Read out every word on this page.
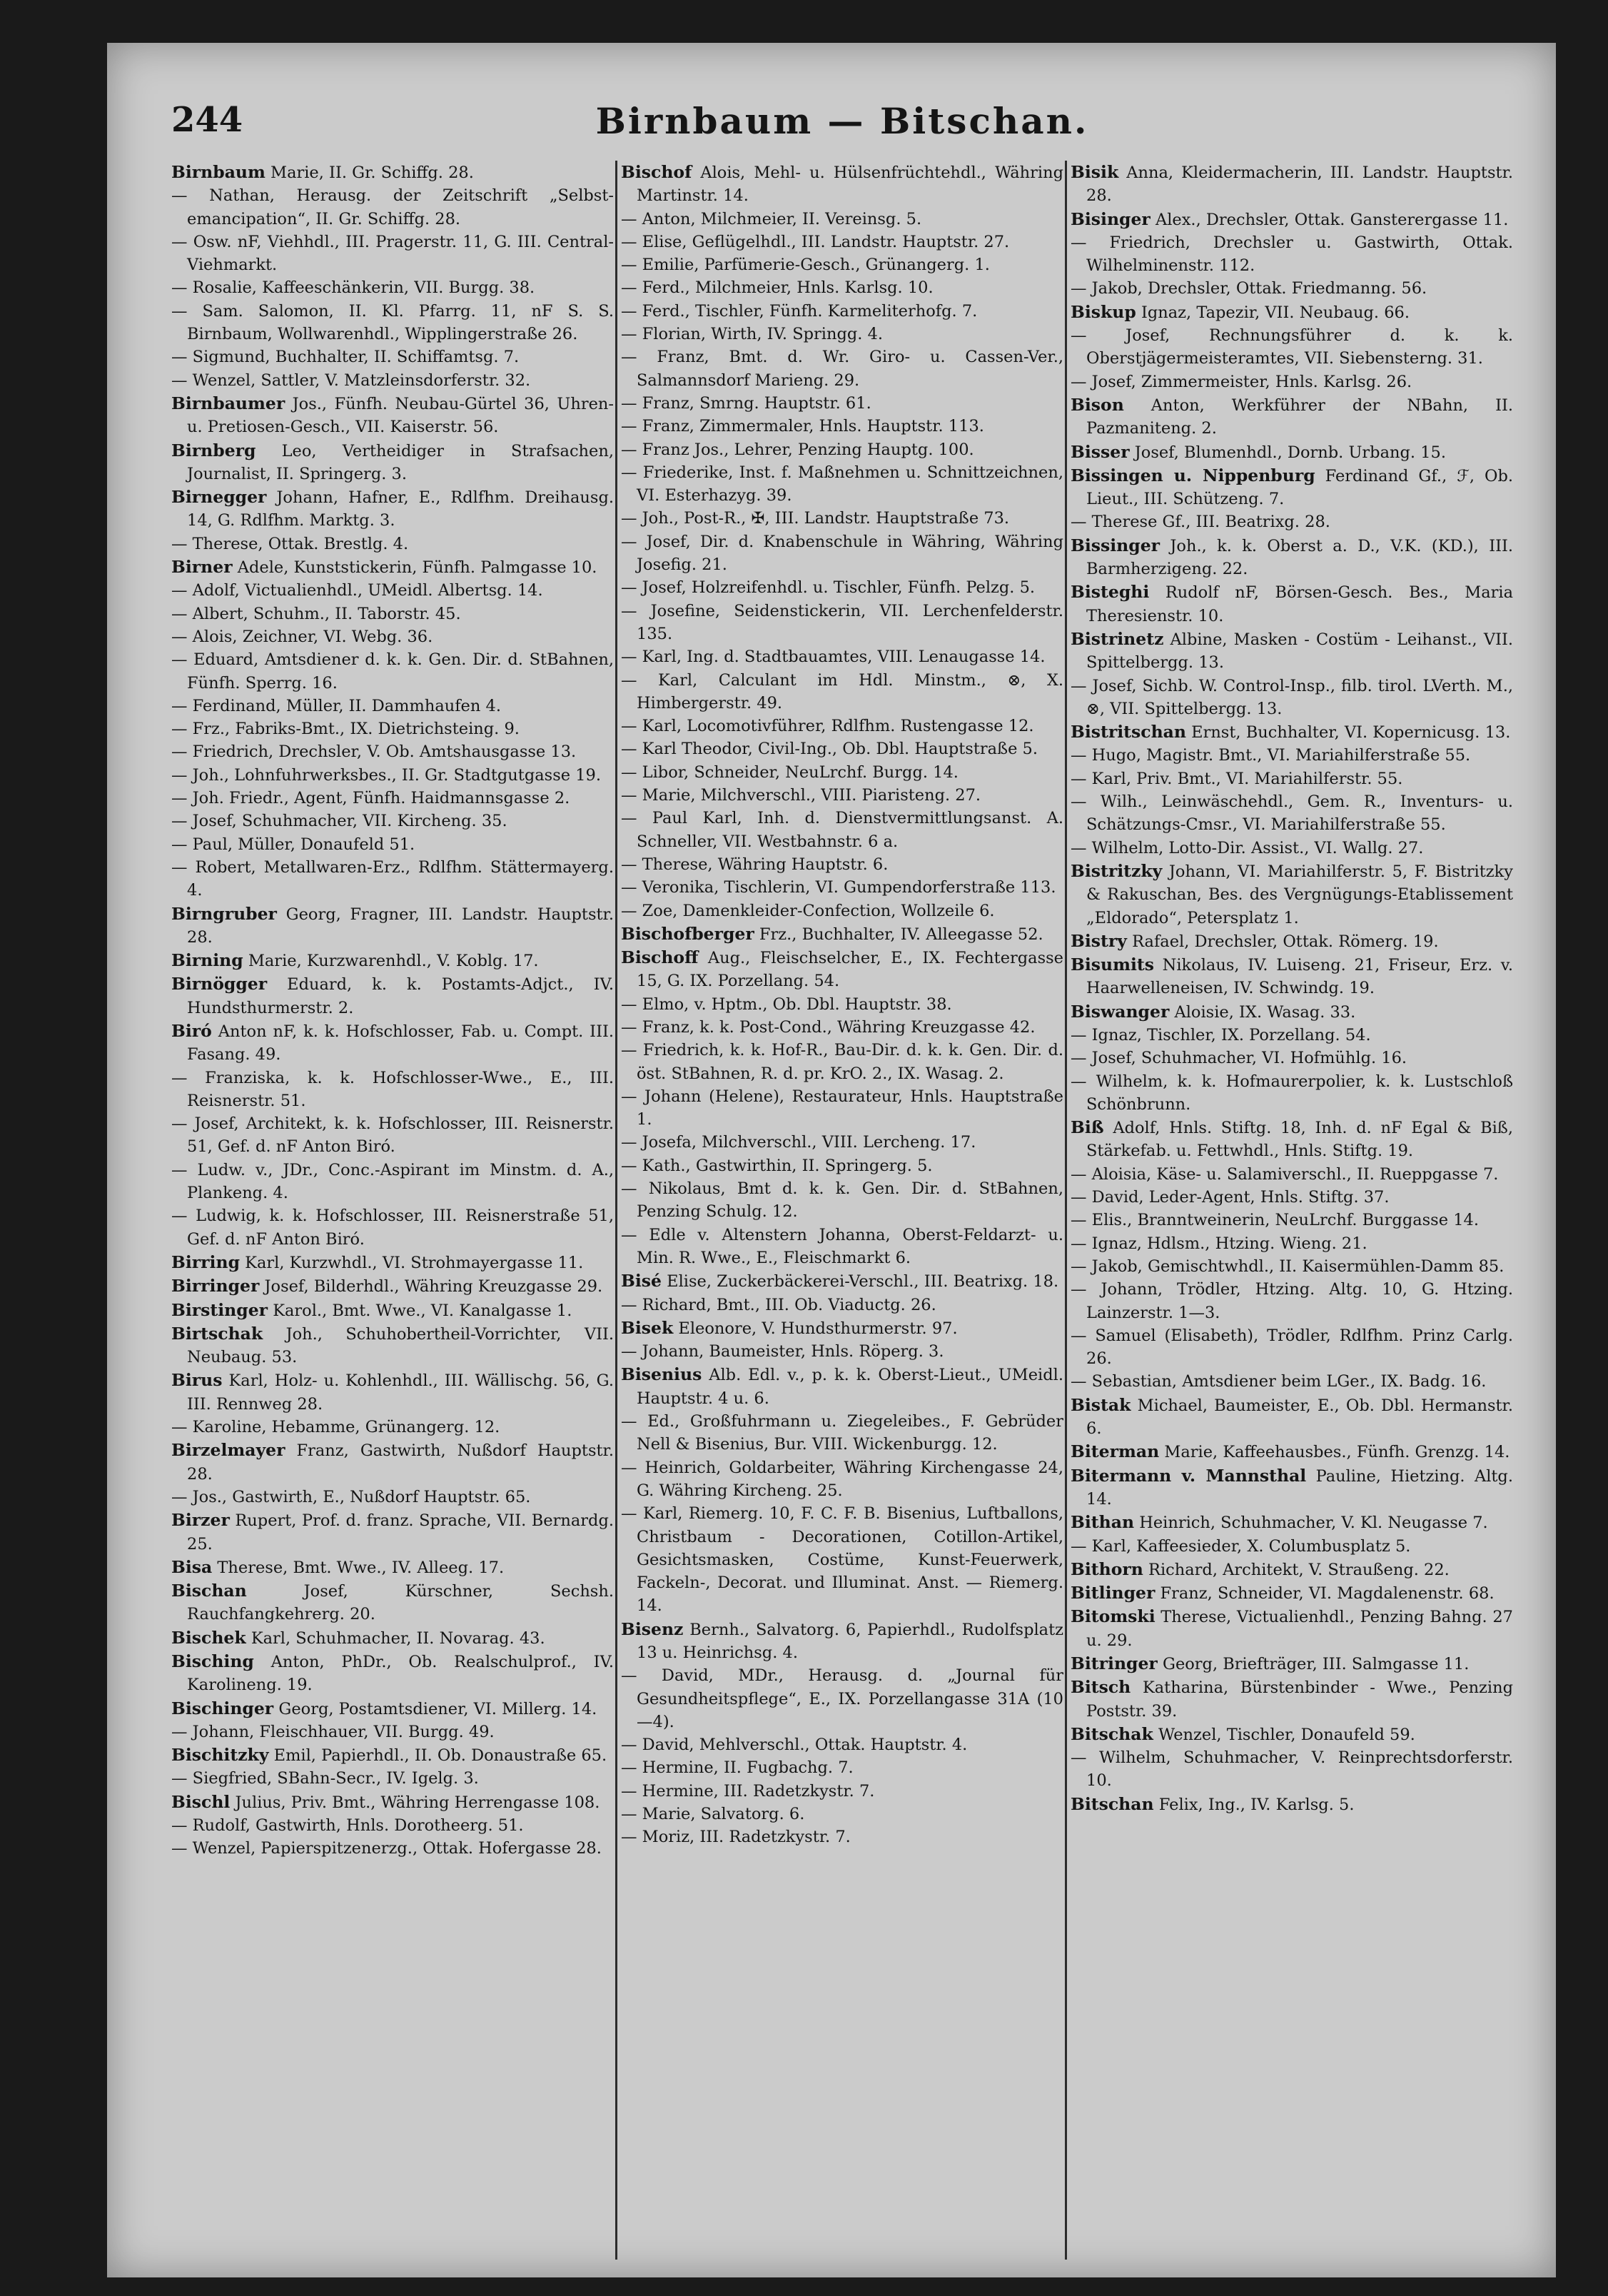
244	Birnbaum — Bitschan.
Birnbaum Marie, II. Gr. Schiffg. 28.
— Nathan, Herausg. der Zeitschrift „Selbst-emancipation“, II. Gr. Schiffg. 28.
— Osw. nF, Viehhdl., III. Pragerstr. 11, G. III. Central-Viehmarkt.
— Rosalie, Kaffeeschänkerin, VII. Burgg. 38.
— Sam. Salomon, II. Kl. Pfarrg. 11, nF S. S. Birnbaum, Wollwarenhdl., Wipplingerstraße 26.
— Sigmund, Buchhalter, II. Schiffamtsg. 7.
— Wenzel, Sattler, V. Matzleinsdorferstr. 32.
Birnbaumer Jos., Fünfh. Neubau-Gürtel 36, Uhren- u. Pretiosen-Gesch., VII. Kaiserstr. 56.
Birnberg Leo, Vertheidiger in Strafsachen, Journalist, II. Springerg. 3.
Birnegger Johann, Hafner, E., Rdlfhm. Dreihausg. 14, G. Rdlfhm. Marktg. 3.
— Therese, Ottak. Brestlg. 4.
Birner Adele, Kunststickerin, Fünfh. Palmgasse 10.
— Adolf, Victualienhdl., UMeidl. Albertsg. 14.
— Albert, Schuhm., II. Taborstr. 45.
— Alois, Zeichner, VI. Webg. 36.
— Eduard, Amtsdiener d. k. k. Gen. Dir. d. StBahnen, Fünfh. Sperrg. 16.
— Ferdinand, Müller, II. Dammhaufen 4.
— Frz., Fabriks-Bmt., IX. Dietrichsteing. 9.
— Friedrich, Drechsler, V. Ob. Amtshausgasse 13.
— Joh., Lohnfuhrwerksbes., II. Gr. Stadtgutgasse 19.
— Joh. Friedr., Agent, Fünfh. Haidmannsgasse 2.
— Josef, Schuhmacher, VII. Kircheng. 35.
— Paul, Müller, Donaufeld 51.
— Robert, Metallwaren-Erz., Rdlfhm. Stättermayerg. 4.
Birngruber Georg, Fragner, III. Landstr. Hauptstr. 28.
Birning Marie, Kurzwarenhdl., V. Koblg. 17.
Birnögger Eduard, k. k. Postamts-Adjct., IV. Hundsthurmerstr. 2.
Biró Anton nF, k. k. Hofschlosser, Fab. u. Compt. III. Fasang. 49.
— Franziska, k. k. Hofschlosser-Wwe., E., III. Reisnerstr. 51.
— Josef, Architekt, k. k. Hofschlosser, III. Reisnerstr. 51, Gef. d. nF Anton Biró.
— Ludw. v., JDr., Conc.-Aspirant im Minstm. d. A., Plankeng. 4.
— Ludwig, k. k. Hofschlosser, III. Reisnerstraße 51, Gef. d. nF Anton Biró.
Birring Karl, Kurzwhdl., VI. Strohmayergasse 11.
Birringer Josef, Bilderhdl., Währing Kreuzgasse 29.
Birstinger Karol., Bmt. Wwe., VI. Kanalgasse 1.
Birtschak Joh., Schuhobertheil-Vorrichter, VII. Neubaug. 53.
Birus Karl, Holz- u. Kohlenhdl., III. Wällischg. 56, G. III. Rennweg 28.
— Karoline, Hebamme, Grünangerg. 12.
Birzelmayer Franz, Gastwirth, Nußdorf Hauptstr. 28.
— Jos., Gastwirth, E., Nußdorf Hauptstr. 65.
Birzer Rupert, Prof. d. franz. Sprache, VII. Bernardg. 25.
Bisa Therese, Bmt. Wwe., IV. Alleeg. 17.
Bischan	Josef, Kürschner, Sechsh. Rauchfangkehrerg. 20.
Bischek Karl, Schuhmacher, II. Novarag. 43.
Bisching Anton, PhDr., Ob. Realschulprof., IV. Karolineng. 19.
Bischinger Georg, Postamtsdiener, VI. Millerg. 14.
— Johann, Fleischhauer, VII. Burgg. 49.
Bischitzky Emil, Papierhdl., II. Ob. Donaustraße 65.
— Siegfried, SBahn-Secr., IV. Igelg. 3.
Bischl Julius, Priv. Bmt., Währing Herrengasse 108.
— Rudolf, Gastwirth, Hnls. Dorotheerg. 51.
— Wenzel, Papierspitzenerzg., Ottak. Hofergasse 28.
Bischof Alois, Mehl- u. Hülsenfrüchtehdl., Währing Martinstr. 14.
— Anton, Milchmeier, II. Vereinsg. 5.
— Elise, Geflügelhdl., III. Landstr. Hauptstr. 27.
— Emilie, Parfümerie-Gesch., Grünangerg. 1.
— Ferd., Milchmeier, Hnls. Karlsg. 10.
— Ferd., Tischler, Fünfh. Karmeliterhofg. 7.
— Florian, Wirth, IV. Springg. 4.
— Franz, Bmt. d. Wr. Giro- u. Cassen-Ver., Salmannsdorf Marieng. 29.
— Franz, Smrng. Hauptstr. 61.
— Franz, Zimmermaler, Hnls. Hauptstr. 113.
— Franz Jos., Lehrer, Penzing Hauptg. 100.
— Friederike, Inst. f. Maßnehmen u. Schnittzeichnen, VI. Esterhazyg. 39.
— Joh., Post-R., ✠, III. Landstr. Hauptstraße 73.
— Josef, Dir. d. Knabenschule in Währing, Währing Josefig. 21.
— Josef, Holzreifenhdl. u. Tischler, Fünfh. Pelzg. 5.
— Josefine, Seidenstickerin, VII. Lerchenfelderstr. 135.
— Karl, Ing. d. Stadtbauamtes, VIII. Lenaugasse 14.
— Karl, Calculant im Hdl. Minstm., ⊗, X. Himbergerstr. 49.
— Karl, Locomotivführer, Rdlfhm. Rustengasse 12.
— Karl Theodor, Civil-Ing., Ob. Dbl. Hauptstraße 5.
— Libor, Schneider, NeuLrchf. Burgg. 14.
— Marie, Milchverschl., VIII. Piaristeng. 27.
— Paul Karl, Inh. d. Dienstvermittlungsanst. A. Schneller, VII. Westbahnstr. 6 a.
— Therese, Währing Hauptstr. 6.
— Veronika, Tischlerin, VI. Gumpendorferstraße 113.
— Zoe, Damenkleider-Confection, Wollzeile 6.
Bischofberger Frz., Buchhalter, IV. Alleegasse 52.
Bischoff Aug., Fleischselcher, E., IX. Fechtergasse 15, G. IX. Porzellang. 54.
— Elmo, v. Hptm., Ob. Dbl. Hauptstr. 38.
— Franz, k. k. Post-Cond., Währing Kreuzgasse 42.
— Friedrich, k. k. Hof-R., Bau-Dir. d. k. k. Gen. Dir. d. öst. StBahnen, R. d. pr. KrO. 2., IX. Wasag. 2.
— Johann (Helene), Restaurateur, Hnls. Hauptstraße 1.
— Josefa, Milchverschl., VIII. Lercheng. 17.
— Kath., Gastwirthin, II. Springerg. 5.
— Nikolaus, Bmt d. k. k. Gen. Dir. d. StBahnen, Penzing Schulg. 12.
— Edle v. Altenstern Johanna, Oberst-Feldarzt- u. Min. R. Wwe., E., Fleischmarkt 6.
Bisé Elise, Zuckerbäckerei-Verschl., III. Beatrixg. 18.
— Richard, Bmt., III. Ob. Viaductg. 26.
Bisek Eleonore, V. Hundsthurmerstr. 97.
— Johann, Baumeister, Hnls. Röperg. 3.
Bisenius Alb. Edl. v., p. k. k. Oberst-Lieut., UMeidl. Hauptstr. 4 u. 6.
— Ed., Großfuhrmann u. Ziegeleibes., F. Gebrüder Nell & Bisenius, Bur. VIII. Wickenburgg. 12.
— Heinrich, Goldarbeiter, Währing Kirchengasse 24, G. Währing Kircheng. 25.
— Karl, Riemerg. 10, F. C. F. B. Bisenius, Luftballons, Christbaum - Decorationen, Cotillon-Artikel, Gesichtsmasken, Costüme, Kunst-Feuerwerk, Fackeln-, Decorat. und Illuminat. Anst. — Riemerg. 14.
Bisenz Bernh., Salvatorg. 6, Papierhdl., Rudolfsplatz 13 u. Heinrichsg. 4.
— David, MDr., Herausg. d. „Journal für Gesundheitspflege“, E., IX. Porzellangasse 31A (10—4).
— David, Mehlverschl., Ottak. Hauptstr. 4.
— Hermine, II. Fugbachg. 7.
— Hermine, III. Radetzkystr. 7.
— Marie, Salvatorg. 6.
— Moriz, III. Radetzkystr. 7.
Bisik Anna, Kleidermacherin, III. Landstr. Hauptstr. 28.
Bisinger Alex., Drechsler, Ottak. Gansterergasse 11.
— Friedrich, Drechsler u. Gastwirth, Ottak. Wilhelminenstr. 112.
— Jakob, Drechsler, Ottak. Friedmanng. 56.
Biskup Ignaz, Tapezir, VII. Neubaug. 66.
— Josef, Rechnungsführer d. k. k. Oberstjägermeisteramtes, VII. Siebensterng. 31.
— Josef, Zimmermeister, Hnls. Karlsg. 26.
Bison Anton, Werkführer der NBahn, II. Pazmaniteng. 2.
Bisser Josef, Blumenhdl., Dornb. Urbang. 15.
Bissingen u. Nippenburg Ferdinand Gf., ℱ, Ob. Lieut., III. Schützeng. 7.
— Therese Gf., III. Beatrixg. 28.
Bissinger Joh., k. k. Oberst a. D., V.K. (KD.), III. Barmherzigeng. 22.
Bisteghi Rudolf nF, Börsen-Gesch. Bes., Maria Theresienstr. 10.
Bistrinetz Albine, Masken - Costüm - Leihanst., VII. Spittelbergg. 13.
— Josef, Sichb. W. Control-Insp., filb. tirol. LVerth. M., ⊗, VII. Spittelbergg. 13.
Bistritschan Ernst, Buchhalter, VI. Kopernicusg. 13.
— Hugo, Magistr. Bmt., VI. Mariahilferstraße 55.
— Karl, Priv. Bmt., VI. Mariahilferstr. 55.
— Wilh., Leinwäschehdl., Gem. R., Inventurs- u. Schätzungs-Cmsr., VI. Mariahilferstraße 55.
— Wilhelm, Lotto-Dir. Assist., VI. Wallg. 27.
Bistritzky Johann, VI. Mariahilferstr. 5, F. Bistritzky & Rakuschan, Bes. des Vergnügungs-Etablissement „Eldorado“, Petersplatz 1.
Bistry Rafael, Drechsler, Ottak. Römerg. 19.
Bisumits Nikolaus, IV. Luiseng. 21, Friseur, Erz. v. Haarwelleneisen, IV. Schwindg. 19.
Biswanger Aloisie, IX. Wasag. 33.
— Ignaz, Tischler, IX. Porzellang. 54.
— Josef, Schuhmacher, VI. Hofmühlg. 16.
— Wilhelm, k. k. Hofmaurerpolier, k. k. Lustschloß Schönbrunn.
Biß Adolf, Hnls. Stiftg. 18, Inh. d. nF Egal & Biß, Stärkefab. u. Fettwhdl., Hnls. Stiftg. 19.
— Aloisia, Käse- u. Salamiverschl., II. Rueppgasse 7.
— David, Leder-Agent, Hnls. Stiftg. 37.
— Elis., Branntweinerin, NeuLrchf. Burggasse 14.
— Ignaz, Hdlsm., Htzing. Wieng. 21.
— Jakob, Gemischtwhdl., II. Kaisermühlen-Damm 85.
— Johann, Trödler, Htzing. Altg. 10, G. Htzing. Lainzerstr. 1—3.
— Samuel (Elisabeth), Trödler, Rdlfhm. Prinz Carlg. 26.
— Sebastian, Amtsdiener beim LGer., IX. Badg. 16.
Bistak Michael, Baumeister, E., Ob. Dbl. Hermanstr. 6.
Biterman Marie, Kaffeehausbes., Fünfh. Grenzg. 14.
Bitermann v. Mannsthal Pauline, Hietzing. Altg. 14.
Bithan Heinrich, Schuhmacher, V. Kl. Neugasse 7.
— Karl, Kaffeesieder, X. Columbusplatz 5.
Bithorn Richard, Architekt, V. Straußeng. 22.
Bitlinger Franz, Schneider, VI. Magdalenenstr. 68.
Bitomski Therese, Victualienhdl., Penzing Bahng. 27 u. 29.
Bitringer Georg, Briefträger, III. Salmgasse 11.
Bitsch Katharina, Bürstenbinder - Wwe., Penzing Poststr. 39.
Bitschak Wenzel, Tischler, Donaufeld 59.
— Wilhelm, Schuhmacher, V. Reinprechtsdorferstr. 10.
Bitschan Felix, Ing., IV. Karlsg. 5.
